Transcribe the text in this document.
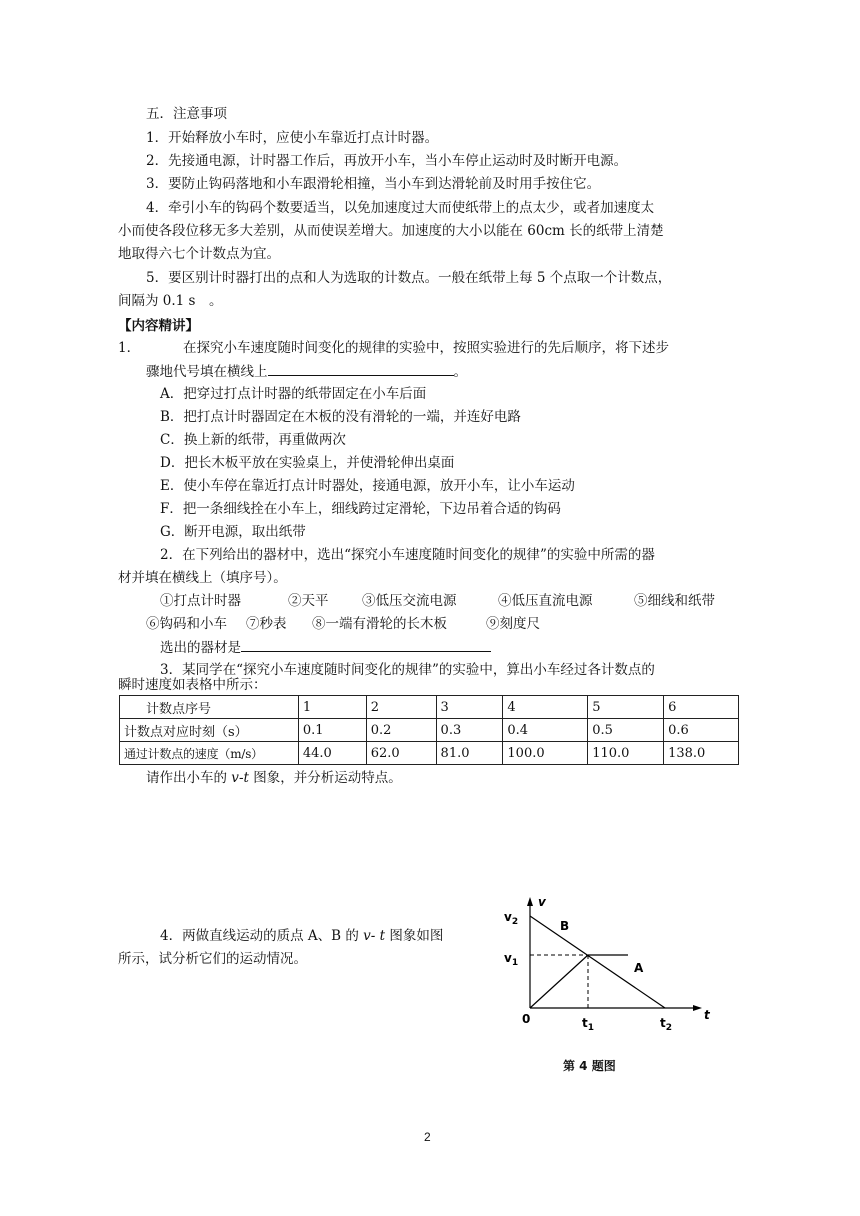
五．注意事项
1．开始释放小车时，应使小车靠近打点计时器。
2．先接通电源，计时器工作后，再放开小车，当小车停止运动时及时断开电源。
3．要防止钩码落地和小车跟滑轮相撞，当小车到达滑轮前及时用手按住它。
4．牵引小车的钩码个数要适当，以免加速度过大而使纸带上的点太少，或者加速度太
小而使各段位移无多大差别，从而使误差增大。加速度的大小以能在 60cm 长的纸带上清楚
地取得六七个计数点为宜。
5．要区别计时器打出的点和人为选取的计数点。一般在纸带上每 5 个点取一个计数点，
间隔为 0.1 s　。
【内容精讲】
1．	在探究小车速度随时间变化的规律的实验中，按照实验进行的先后顺序，将下述步
骤地代号填在横线上	。
A．把穿过打点计时器的纸带固定在小车后面
B．把打点计时器固定在木板的没有滑轮的一端，并连好电路
C．换上新的纸带，再重做两次
D．把长木板平放在实验桌上，并使滑轮伸出桌面
E．使小车停在靠近打点计时器处，接通电源，放开小车，让小车运动
F．把一条细线拴在小车上，细线跨过定滑轮，下边吊着合适的钩码
G．断开电源，取出纸带
2．在下列给出的器材中，选出“探究小车速度随时间变化的规律”的实验中所需的器
材并填在横线上（填序号）。
①打点计时器	②天平 ③低压交流电源	④低压直流电源	⑤细线和纸带
⑥钩码和小车 ⑦秒表 ⑧一端有滑轮的长木板	⑨刻度尺
选出的器材是
3．某同学在“探究小车速度随时间变化的规律”的实验中，算出小车经过各计数点的
瞬时速度如表格中所示：
计数点序号	1	2	3	4	5	6
计数点对应时刻（s）	0.1	0.2	0.3	0.4	0.5	0.6
通过计数点的速度（m/s）	44.0	62.0	81.0	100.0	110.0	138.0
请作出小车的 v-t 图象，并分析运动特点。
4．两做直线运动的质点 A、B 的 v- t 图象如图
所示，试分析它们的运动情况。
v
t
$v_2$
$v_1$
0	$t_1$	$t_2$
B
A
第 4 题图
2
